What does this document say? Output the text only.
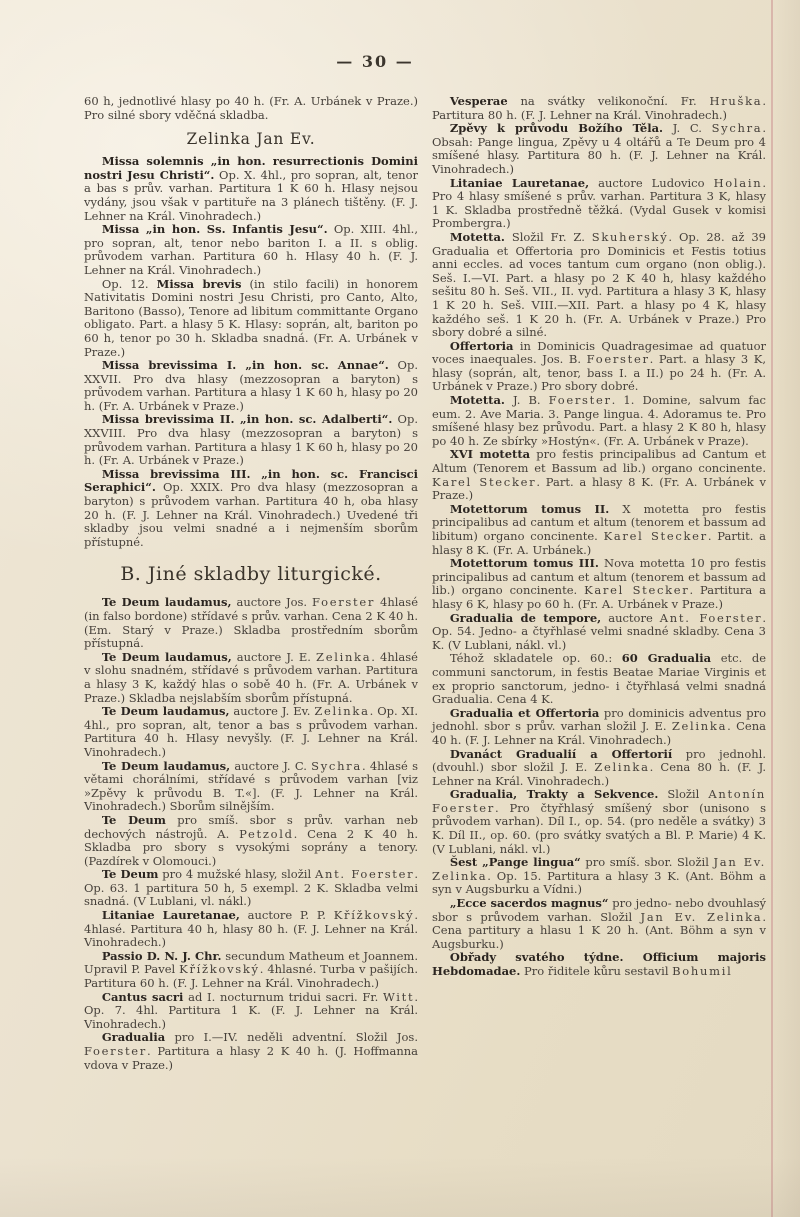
— 30 —

60 h, jednotlivé hlasy po 40 h. (Fr. A. Urbánek v Praze.) Pro silné sbory vděčná skladba.

Zelinka Jan Ev.

Missa solemnis „in hon. resurrectionis Domini nostri Jesu Christi“. Op. X. 4hl., pro sopran, alt, tenor a bas s prův. varhan. Partitura 1 K 60 h. Hlasy nejsou vydány, jsou však v partituře na 3 plánech tištěny. (F. J. Lehner na Král. Vinohradech.)

Missa „in hon. Ss. Infantis Jesu“. Op. XIII. 4hl., pro sopran, alt, tenor nebo bariton I. a II. s oblig. průvodem varhan. Partitura 60 h. Hlasy 40 h. (F. J. Lehner na Král. Vinohradech.)

Op. 12. Missa brevis (in stilo facili) in honorem Nativitatis Domini nostri Jesu Christi, pro Canto, Alto, Baritono (Basso), Tenore ad libitum committante Organo obligato. Part. a hlasy 5 K. Hlasy: soprán, alt, bariton po 60 h, tenor po 30 h. Skladba snadná. (Fr. A. Urbánek v Praze.)

Missa brevissima I. „in hon. sc. Annae“. Op. XXVII. Pro dva hlasy (mezzosopran a baryton) s průvodem varhan. Partitura a hlasy 1 K 60 h, hlasy po 20 h. (Fr. A. Urbánek v Praze.)

Missa brevissima II. „in hon. sc. Adalberti“. Op. XXVIII. Pro dva hlasy (mezzosopran a baryton) s průvodem varhan. Partitura a hlasy 1 K 60 h, hlasy po 20 h. (Fr. A. Urbánek v Praze.)

Missa brevissima III. „in hon. sc. Francisci Seraphici“. Op. XXIX. Pro dva hlasy (mezzosopran a baryton) s průvodem varhan. Partitura 40 h, oba hlasy 20 h. (F. J. Lehner na Král. Vinohradech.) Uvedené tři skladby jsou velmi snadné a i nejmenším sborům přístupné.

B. Jiné skladby liturgické.

Te Deum laudamus, auctore Jos. Foerster 4hlasé (in falso bordone) střídavé s prův. varhan. Cena 2 K 40 h. (Em. Starý v Praze.) Skladba prostředním sborům přístupná.

Te Deum laudamus, auctore J. E. Zelinka. 4hlasé v slohu snadném, střídavé s průvodem varhan. Partitura a hlasy 3 K, každý hlas o sobě 40 h. (Fr. A. Urbánek v Praze.) Skladba nejslabším sborům přístupná.

Te Deum laudamus, auctore J. Ev. Zelinka. Op. XI. 4hl., pro sopran, alt, tenor a bas s průvodem varhan. Partitura 40 h. Hlasy nevyšly. (F. J. Lehner na Král. Vinohradech.)

Te Deum laudamus, auctore J. C. Sychra. 4hlasé s větami chorálními, střídavé s průvodem varhan [viz »Zpěvy k průvodu B. T.«]. (F. J. Lehner na Král. Vinohradech.) Sborům silnějším.

Te Deum pro smíš. sbor s prův. varhan neb dechových nástrojů. A. Petzold. Cena 2 K 40 h. Skladba pro sbory s vysokými soprány a tenory. (Pazdírek v Olomouci.)

Te Deum pro 4 mužské hlasy, složil Ant. Foerster. Op. 63. 1 partitura 50 h, 5 exempl. 2 K. Skladba velmi snadná. (V Lublani, vl. nákl.)

Litaniae Lauretanae, auctore P. P. Křížkovský. 4hlasé. Partitura 40 h, hlasy 80 h. (F. J. Lehner na Král. Vinohradech.)

Passio D. N. J. Chr. secundum Matheum et Joannem. Upravil P. Pavel Křížkovský. 4hlasné. Turba v pašijích. Partitura 60 h. (F. J. Lehner na Král. Vinohradech.)

Cantus sacri ad I. nocturnum tridui sacri. Fr. Witt. Op. 7. 4hl. Partitura 1 K. (F. J. Lehner na Král. Vinohradech.)

Gradualia pro I.—IV. neděli adventní. Složil Jos. Foerster. Partitura a hlasy 2 K 40 h. (J. Hoffmanna vdova v Praze.)

Vesperae na svátky velikonoční. Fr. Hruška. Partitura 80 h. (F. J. Lehner na Král. Vinohradech.)

Zpěvy k průvodu Božího Těla. J. C. Sychra. Obsah: Pange lingua, Zpěvy u 4 oltářů a Te Deum pro 4 smíšené hlasy. Partitura 80 h. (F. J. Lehner na Král. Vinohradech.)

Litaniae Lauretanae, auctore Ludovico Holain. Pro 4 hlasy smíšené s prův. varhan. Partitura 3 K, hlasy 1 K. Skladba prostředně těžká. (Vydal Gusek v komisi Prombergra.)

Motetta. Složil Fr. Z. Skuherský. Op. 28. až 39 Gradualia et Offertoria pro Dominicis et Festis totius anni eccles. ad voces tantum cum organo (non oblig.). Seš. I.—VI. Part. a hlasy po 2 K 40 h, hlasy každého sešitu 80 h. Seš. VII., II. vyd. Partitura a hlasy 3 K, hlasy 1 K 20 h. Seš. VIII.—XII. Part. a hlasy po 4 K, hlasy každého seš. 1 K 20 h. (Fr. A. Urbánek v Praze.) Pro sbory dobré a silné.

Offertoria in Dominicis Quadragesimae ad quatuor voces inaequales. Jos. B. Foerster. Part. a hlasy 3 K, hlasy (soprán, alt, tenor, bass I. a II.) po 24 h. (Fr. A. Urbánek v Praze.) Pro sbory dobré.

Motetta. J. B. Foerster. 1. Domine, salvum fac eum. 2. Ave Maria. 3. Pange lingua. 4. Adoramus te. Pro smíšené hlasy bez průvodu. Part. a hlasy 2 K 80 h, hlasy po 40 h. Ze sbírky »Hostýn«. (Fr. A. Urbánek v Praze).

XVI motetta pro festis principalibus ad Cantum et Altum (Tenorem et Bassum ad lib.) organo concinente. Karel Stecker. Part. a hlasy 8 K. (Fr. A. Urbánek v Praze.)

Motettorum tomus II. X motetta pro festis principalibus ad cantum et altum (tenorem et bassum ad libitum) organo concinente. Karel Stecker. Partit. a hlasy 8 K. (Fr. A. Urbánek.)

Motettorum tomus III. Nova motetta 10 pro festis principalibus ad cantum et altum (tenorem et bassum ad lib.) organo concinente. Karel Stecker. Partitura a hlasy 6 K, hlasy po 60 h. (Fr. A. Urbánek v Praze.)

Gradualia de tempore, auctore Ant. Foerster. Op. 54. Jedno- a čtyřhlasé velmi snadné skladby. Cena 3 K. (V Lublani, nákl. vl.)

Téhož skladatele op. 60.: 60 Gradualia etc. de communi sanctorum, in festis Beatae Mariae Virginis et ex proprio sanctorum, jedno- i čtyřhlasá velmi snadná Gradualia. Cena 4 K.

Gradualia et Offertoria pro dominicis adventus pro jednohl. sbor s prův. varhan složil J. E. Zelinka. Cena 40 h. (F. J. Lehner na Král. Vinohradech.)

Dvanáct Gradualií a Offertorií pro jednohl. (dvouhl.) sbor složil J. E. Zelinka. Cena 80 h. (F. J. Lehner na Král. Vinohradech.)

Gradualia, Trakty a Sekvence. Složil Antonín Foerster. Pro čtyřhlasý smíšený sbor (unisono s průvodem varhan). Díl I., op. 54. (pro neděle a svátky) 3 K. Díl II., op. 60. (pro svátky svatých a Bl. P. Marie) 4 K. (V Lublani, nákl. vl.)

Šest „Pange lingua“ pro smíš. sbor. Složil Jan Ev. Zelinka. Op. 15. Partitura a hlasy 3 K. (Ant. Böhm a syn v Augsburku a Vídni.)

„Ecce sacerdos magnus“ pro jedno- nebo dvouhlasý sbor s průvodem varhan. Složil Jan Ev. Zelinka. Cena partitury a hlasu 1 K 20 h. (Ant. Böhm a syn v Augsburku.)

Obřady svatého týdne. Officium majoris Hebdomadae. Pro řiditele kůru sestavil Bohumil
